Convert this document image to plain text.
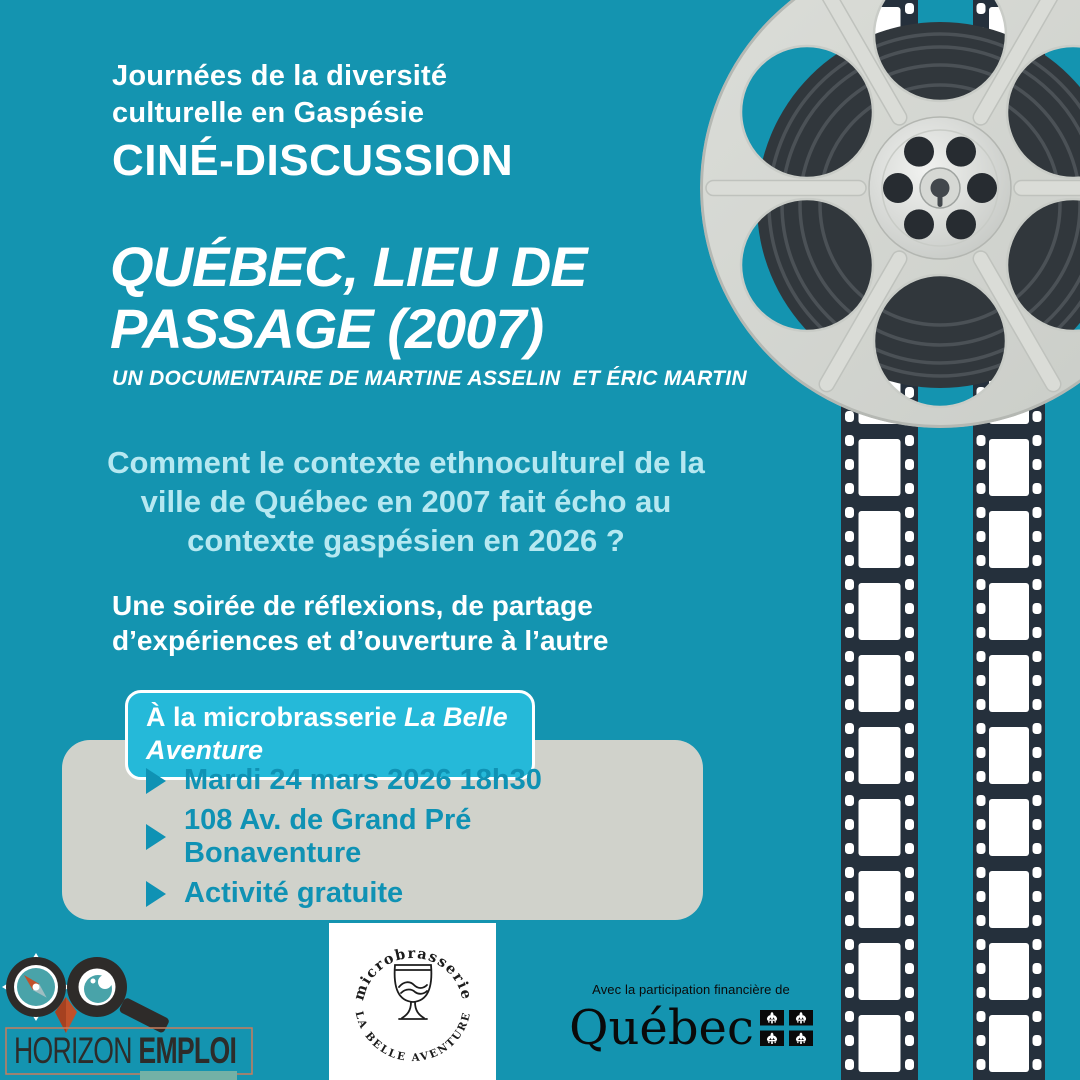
Journées de la diversité
culturelle en Gaspésie
CINÉ-DISCUSSION
QUÉBEC, LIEU DE
PASSAGE (2007)
UN DOCUMENTAIRE DE MARTINE ASSELIN  ET ÉRIC MARTIN
Comment le contexte ethnoculturel de la
ville de Québec en 2007 fait écho au
contexte gaspésien en 2026 ?
Une soirée de réflexions, de partage
d’expériences et d’ouverture à l’autre
À la microbrasserie La Belle Aventure
Mardi 24 mars 2026 18h30
108 Av. de Grand Pré
Bonaventure
Activité gratuite
HORIZON EMPLOI
microbrasserie
LA BELLE AVENTURE
Avec la participation financière de
Québec
